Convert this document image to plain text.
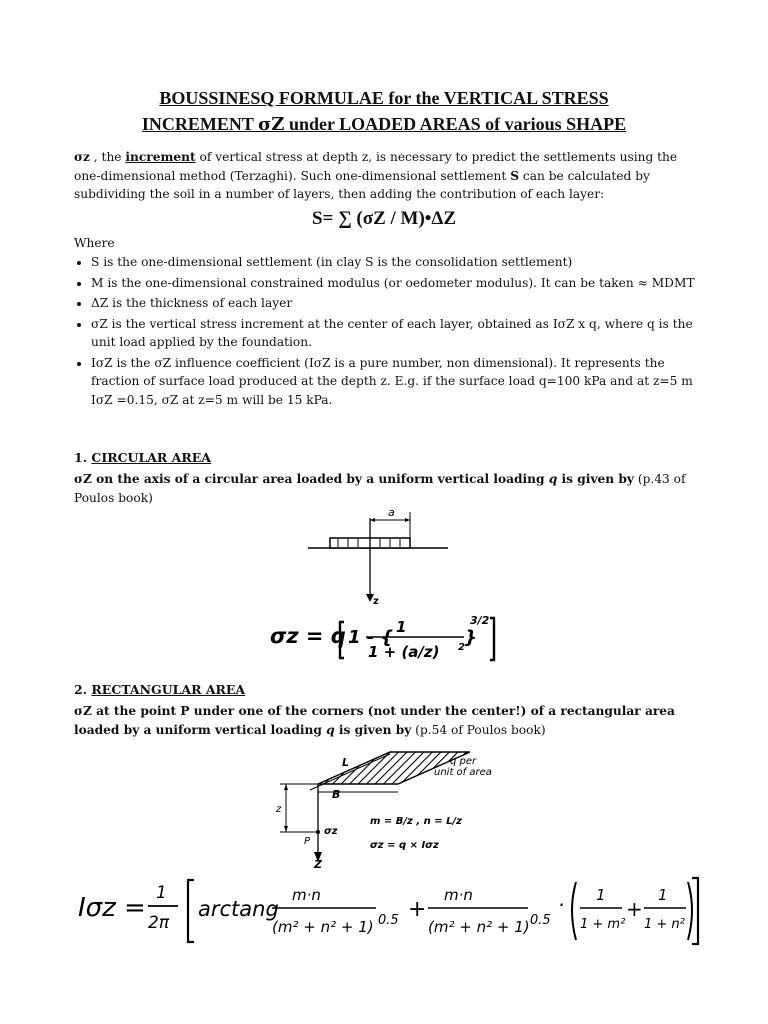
BOUSSINESQ FORMULAE for the VERTICAL STRESS
INCREMENT σZ under LOADED AREAS of various SHAPE
σz , the increment of vertical stress at depth z, is necessary to predict the settlements using the one-dimensional method (Terzaghi). Such one-dimensional settlement S can be calculated by subdividing the soil in a number of layers, then adding the contribution of each layer:
S= ∑ (σZ / M)•ΔZ
Where
• S is the one-dimensional settlement (in clay S is the consolidation settlement)
• M is the one-dimensional constrained modulus (or oedometer modulus). It can be taken ≈ MDMT
• ΔZ is the thickness of each layer
• σZ is the vertical stress increment at the center of each layer, obtained as IσZ x q, where q is the unit load applied by the foundation.
• IσZ is the σZ influence coefficient (IσZ is a pure number, non dimensional). It represents the fraction of surface load produced at the depth z. E.g. if the surface load q=100 kPa and at z=5 m IσZ =0.15, σZ at z=5 m will be 15 kPa.
1. CIRCULAR AREA
σZ on the axis of a circular area loaded by a uniform vertical loading q is given by (p.43 of Poulos book)
a
z
σz = q 1 - { 1
1 + (a/z) 2 }
3/2
2. RECTANGULAR AREA
σZ at the point P under one of the corners (not under the center!) of a rectangular area loaded by a uniform vertical loading q is given by (p.54 of Poulos book)
L
B
q per
unit of area
z
P
σz
Z
m = B/z , n = L/z
σz = q × Iσz
Iσz = 1
2π
arctang
m·n
(m² + n² + 1) 0.5 +
m·n
(m² + n² + 1) 0.5
· 1
1 + m²
+
1
1 + n²
